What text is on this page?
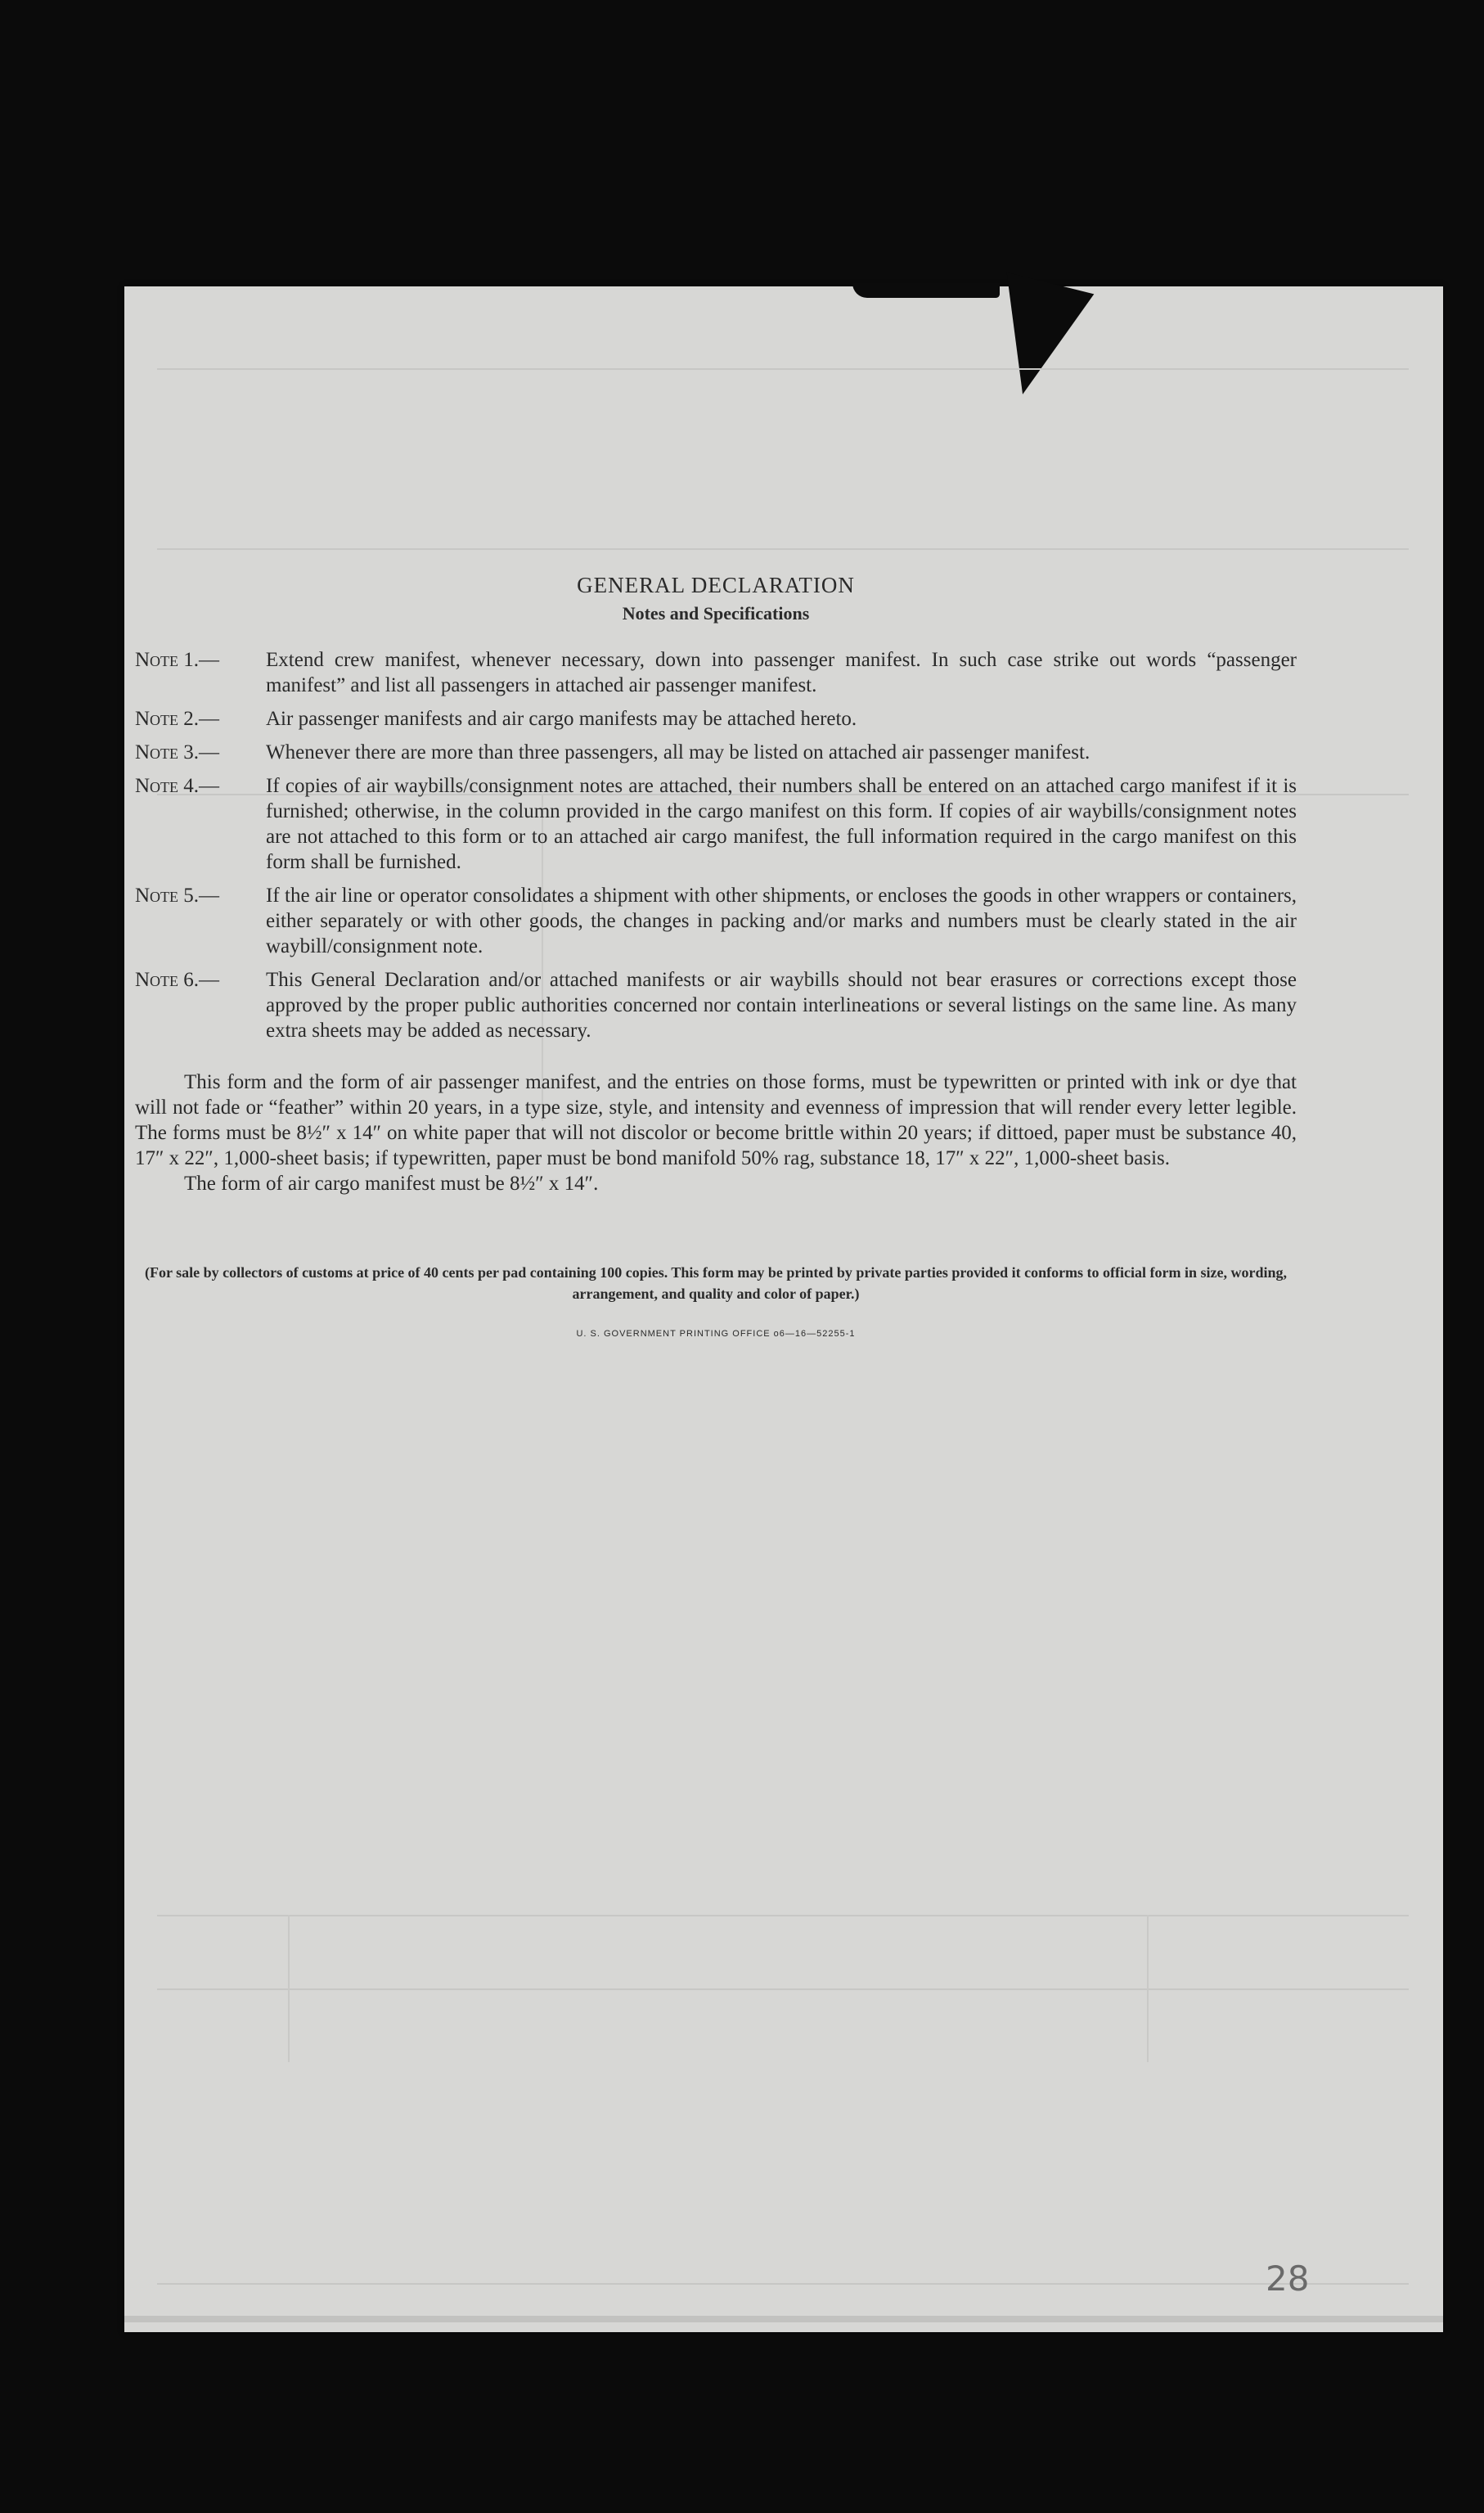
28
GENERAL DECLARATION
Notes and Specifications
Note 1.—	Extend crew manifest, whenever necessary, down into passenger manifest. In such case strike out words “passenger manifest” and list all passengers in attached air passenger manifest.
Note 2.—	Air passenger manifests and air cargo manifests may be attached hereto.
Note 3.—	Whenever there are more than three passengers, all may be listed on attached air passenger manifest.
Note 4.—	If copies of air waybills/consignment notes are attached, their numbers shall be entered on an attached cargo manifest if it is furnished; otherwise, in the column provided in the cargo manifest on this form. If copies of air waybills/consignment notes are not attached to this form or to an attached air cargo manifest, the full information required in the cargo manifest on this form shall be furnished.
Note 5.—	If the air line or operator consolidates a shipment with other shipments, or encloses the goods in other wrappers or containers, either separately or with other goods, the changes in packing and/or marks and numbers must be clearly stated in the air waybill/consignment note.
Note 6.—	This General Declaration and/or attached manifests or air waybills should not bear erasures or corrections except those approved by the proper public authorities concerned nor contain interlineations or several listings on the same line. As many extra sheets may be added as necessary.

This form and the form of air passenger manifest, and the entries on those forms, must be typewritten or printed with ink or dye that will not fade or “feather” within 20 years, in a type size, style, and intensity and evenness of impression that will render every letter legible. The forms must be 8½″ x 14″ on white paper that will not discolor or become brittle within 20 years; if dittoed, paper must be substance 40, 17″ x 22″, 1,000-sheet basis; if typewritten, paper must be bond manifold 50% rag, substance 18, 17″ x 22″, 1,000-sheet basis.

The form of air cargo manifest must be 8½″ x 14″.

(For sale by collectors of customs at price of 40 cents per pad containing 100 copies. This form may be printed by private parties provided it conforms to official form in size, wording, arrangement, and quality and color of paper.)
U. S. GOVERNMENT PRINTING OFFICE o6—16—52255-1
